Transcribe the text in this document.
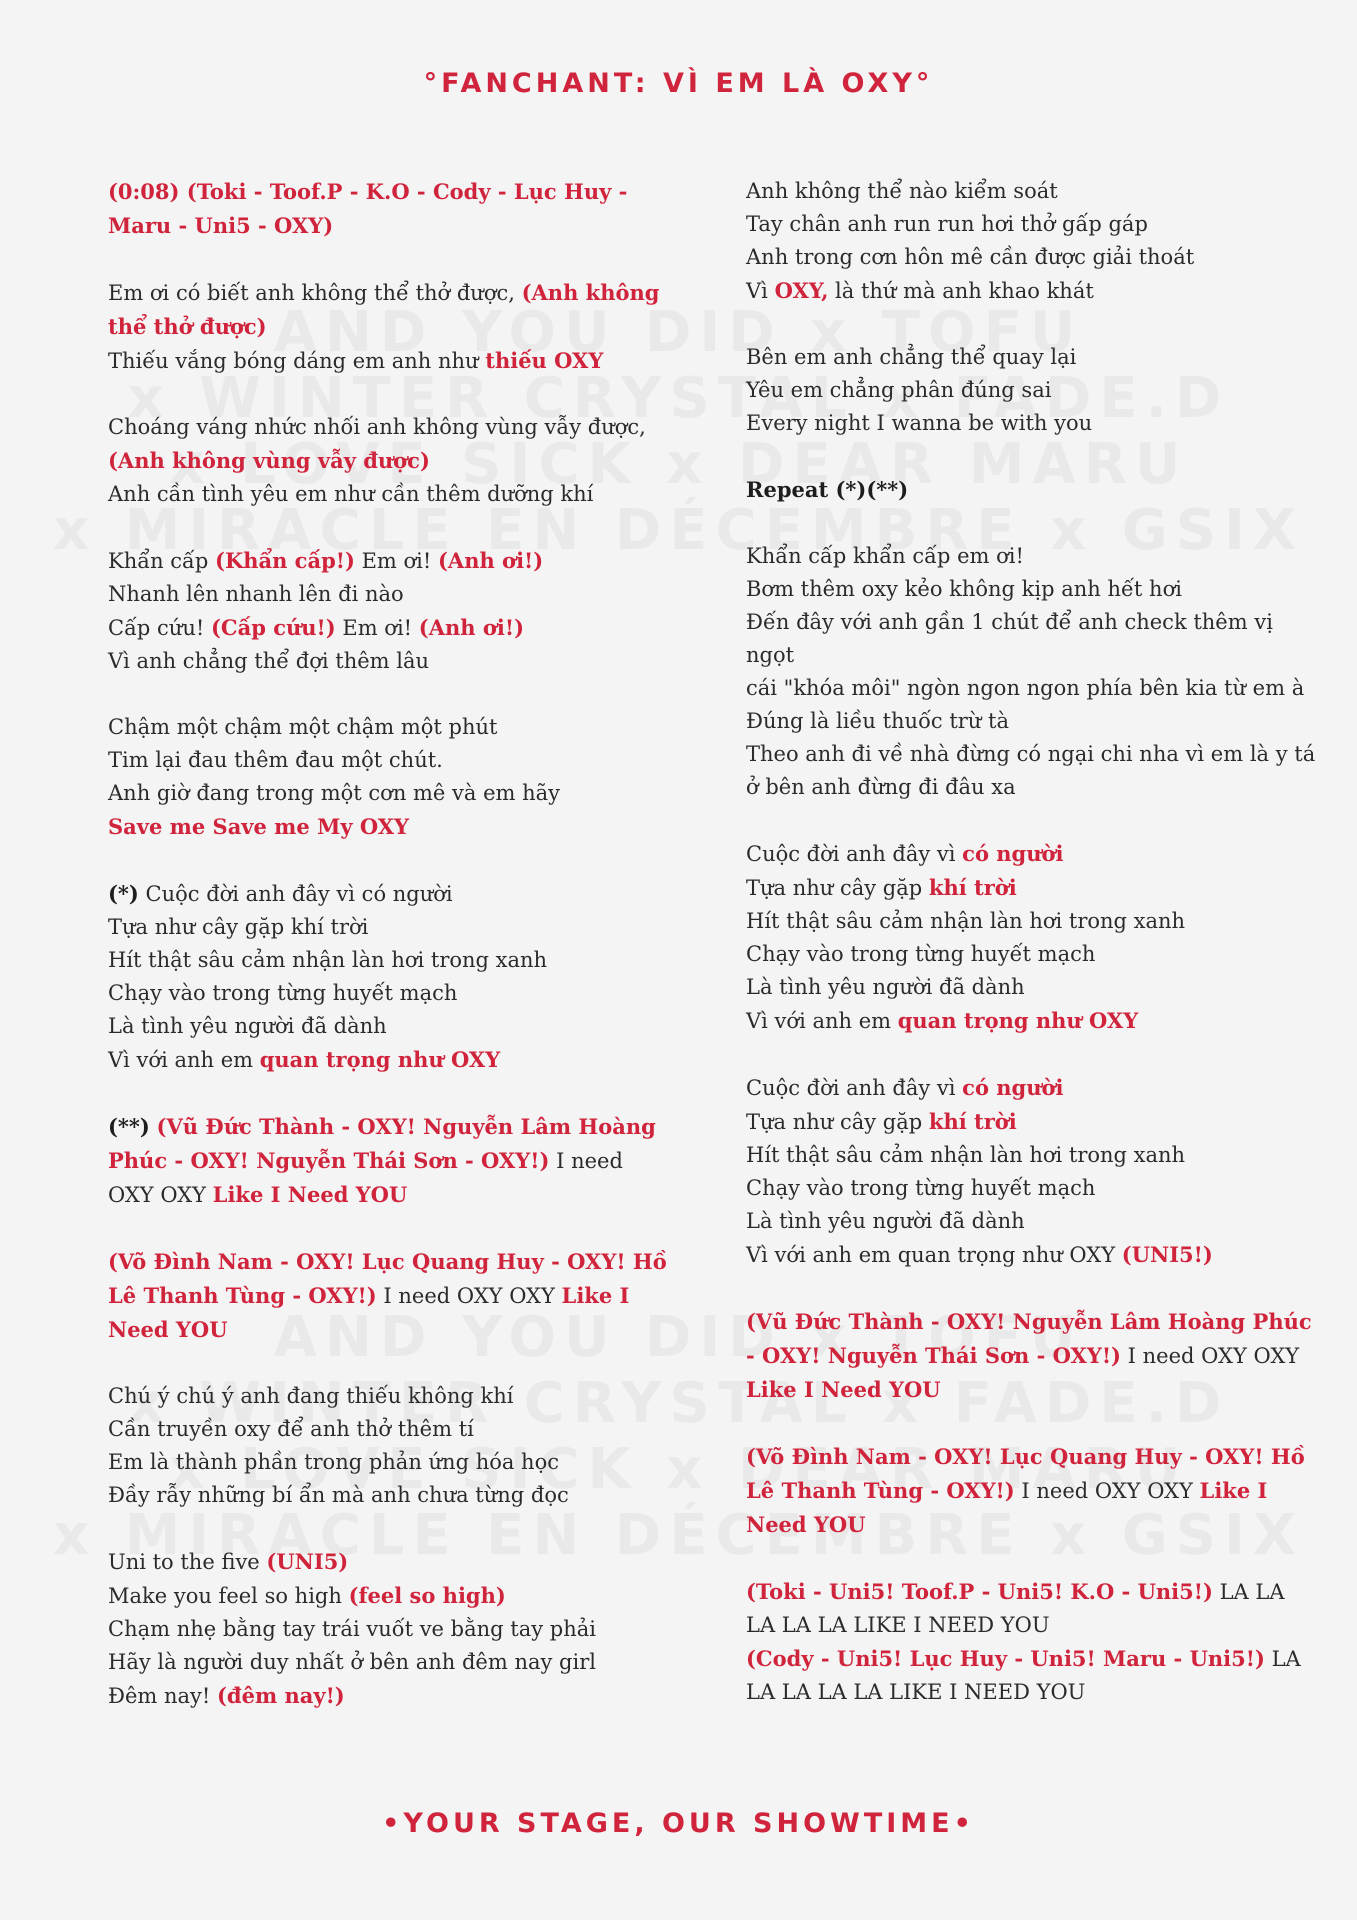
°FANCHANT: VÌ EM LÀ OXY°
(0:08) (Toki - Toof.P - K.O - Cody - Lục Huy - Maru - Uni5 - OXY)
Em ơi có biết anh không thể thở được, (Anh không thể thở được)
Thiếu vắng bóng dáng em anh như thiếu OXY
Choáng váng nhức nhối anh không vùng vẫy được,
(Anh không vùng vẫy được)
Anh cần tình yêu em như cần thêm dưỡng khí
Khẩn cấp (Khẩn cấp!) Em ơi! (Anh ơi!)
Nhanh lên nhanh lên đi nào
Cấp cứu! (Cấp cứu!) Em ơi! (Anh ơi!)
Vì anh chẳng thể đợi thêm lâu
Chậm một chậm một chậm một phút
Tim lại đau thêm đau một chút.
Anh giờ đang trong một cơn mê và em hãy
Save me Save me My OXY
(*) Cuộc đời anh đây vì có người
Tựa như cây gặp khí trời
Hít thật sâu cảm nhận làn hơi trong xanh
Chạy vào trong từng huyết mạch
Là tình yêu người đã dành
Vì với anh em quan trọng như OXY
(**) (Vũ Đức Thành - OXY! Nguyễn Lâm Hoàng Phúc - OXY! Nguyễn Thái Sơn - OXY!) I need OXY OXY Like I Need YOU
(Võ Đình Nam - OXY! Lục Quang Huy - OXY! Hồ Lê Thanh Tùng - OXY!) I need OXY OXY Like I Need YOU
Chú ý chú ý anh đang thiếu không khí
Cần truyền oxy để anh thở thêm tí
Em là thành phần trong phản ứng hóa học
Đầy rẫy những bí ẩn mà anh chưa từng đọc
Uni to the five (UNI5)
Make you feel so high (feel so high)
Chạm nhẹ bằng tay trái vuốt ve bằng tay phải
Hãy là người duy nhất ở bên anh đêm nay girl
Đêm nay! (đêm nay!)
Anh không thể nào kiểm soát
Tay chân anh run run hơi thở gấp gáp
Anh trong cơn hôn mê cần được giải thoát
Vì OXY, là thứ mà anh khao khát
Bên em anh chẳng thể quay lại
Yêu em chẳng phân đúng sai
Every night I wanna be with you
Repeat (*)(**)
Khẩn cấp khẩn cấp em ơi!
Bơm thêm oxy kẻo không kịp anh hết hơi
Đến đây với anh gần 1 chút để anh check thêm vị ngọt
cái "khóa môi" ngòn ngon ngon phía bên kia từ em à
Đúng là liều thuốc trừ tà
Theo anh đi về nhà đừng có ngại chi nha vì em là y tá
ở bên anh đừng đi đâu xa
Cuộc đời anh đây vì có người
Tựa như cây gặp khí trời
Hít thật sâu cảm nhận làn hơi trong xanh
Chạy vào trong từng huyết mạch
Là tình yêu người đã dành
Vì với anh em quan trọng như OXY
Cuộc đời anh đây vì có người
Tựa như cây gặp khí trời
Hít thật sâu cảm nhận làn hơi trong xanh
Chạy vào trong từng huyết mạch
Là tình yêu người đã dành
Vì với anh em quan trọng như OXY (UNI5!)
(Vũ Đức Thành - OXY! Nguyễn Lâm Hoàng Phúc - OXY! Nguyễn Thái Sơn - OXY!) I need OXY OXY Like I Need YOU
(Võ Đình Nam - OXY! Lục Quang Huy - OXY! Hồ Lê Thanh Tùng - OXY!) I need OXY OXY Like I Need YOU
(Toki - Uni5! Toof.P - Uni5! K.O - Uni5!) LA LA LA LA LA LIKE I NEED YOU
(Cody - Uni5! Lục Huy - Uni5! Maru - Uni5!) LA LA LA LA LA LIKE I NEED YOU
•YOUR STAGE, OUR SHOWTIME•
